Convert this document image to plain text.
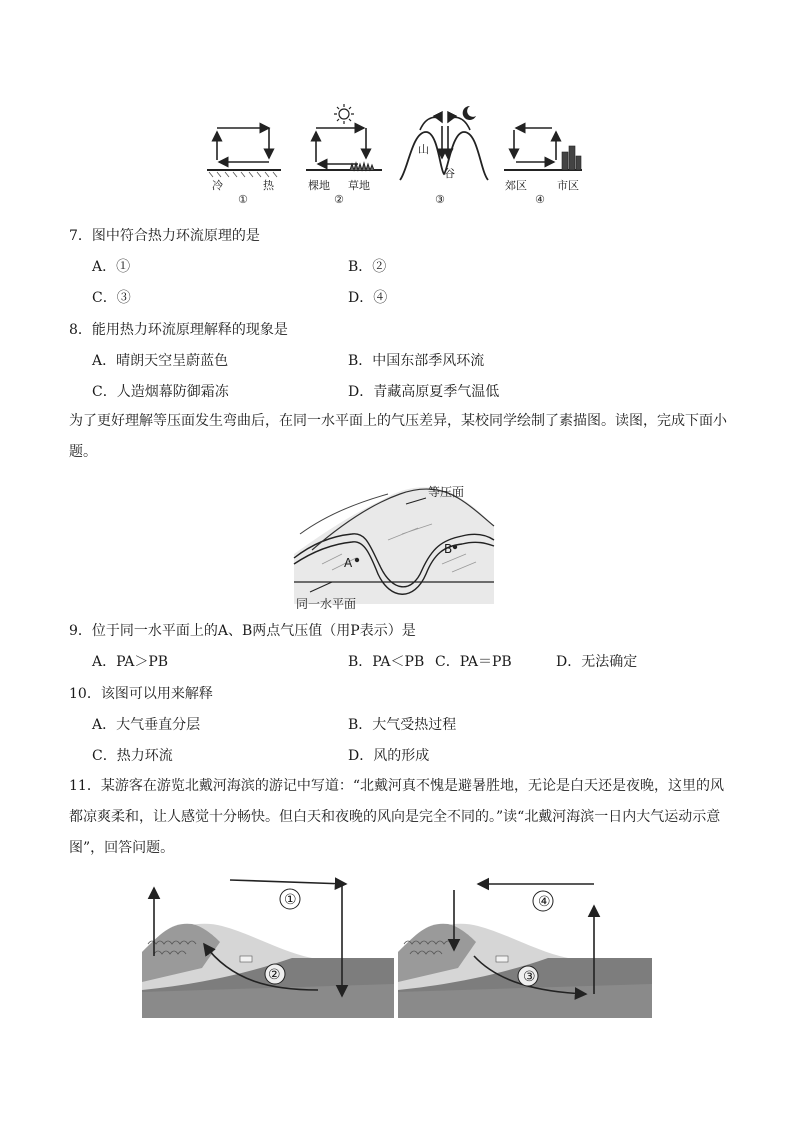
冷	热
①
棵地 草地
②
山
谷
③
郊区	市区
④
7．图中符合热力环流原理的是
A．①	B．②
C．③	D．④
8．能用热力环流原理解释的现象是
A．晴朗天空呈蔚蓝色	B．中国东部季风环流
C．人造烟幕防御霜冻	D．青藏高原夏季气温低
为了更好理解等压面发生弯曲后，在同一水平面上的气压差异，某校同学绘制了素描图。读图，完成下面小题。
等压面
同一水平面
A
B
9．位于同一水平面上的A、B两点气压值（用P表示）是
A．PA＞PB	B．PA＜PB C．PA＝PB	D．无法确定
10．该图可以用来解释
A．大气垂直分层	B．大气受热过程
C．热力环流	D．风的形成
11．某游客在游览北戴河海滨的游记中写道：“北戴河真不愧是避暑胜地，无论是白天还是夜晚，这里的风都凉爽柔和，让人感觉十分畅快。但白天和夜晚的风向是完全不同的。”读“北戴河海滨一日内大气运动示意图”，回答问题。
①
②
④
③
